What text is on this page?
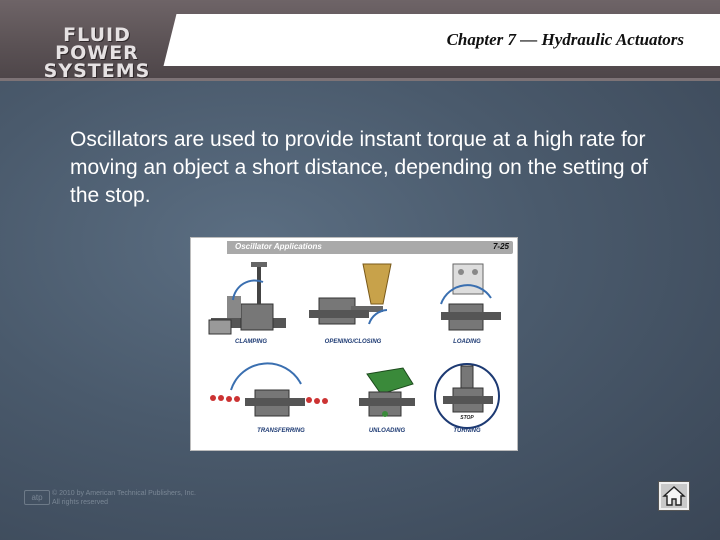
FLUID POWER
SYSTEMS
Chapter 7 — Hydraulic Actuators
Oscillators are used to provide instant torque at a high rate for moving an object a short distance, depending on the setting of the stop.
Oscillator Applications	7-25
CLAMPING	OPENING/CLOSING	LOADING
TRANSFERRING	UNLOADING	TURNING
STOP
atp	© 2010 by American Technical Publishers, Inc.
All rights reserved
